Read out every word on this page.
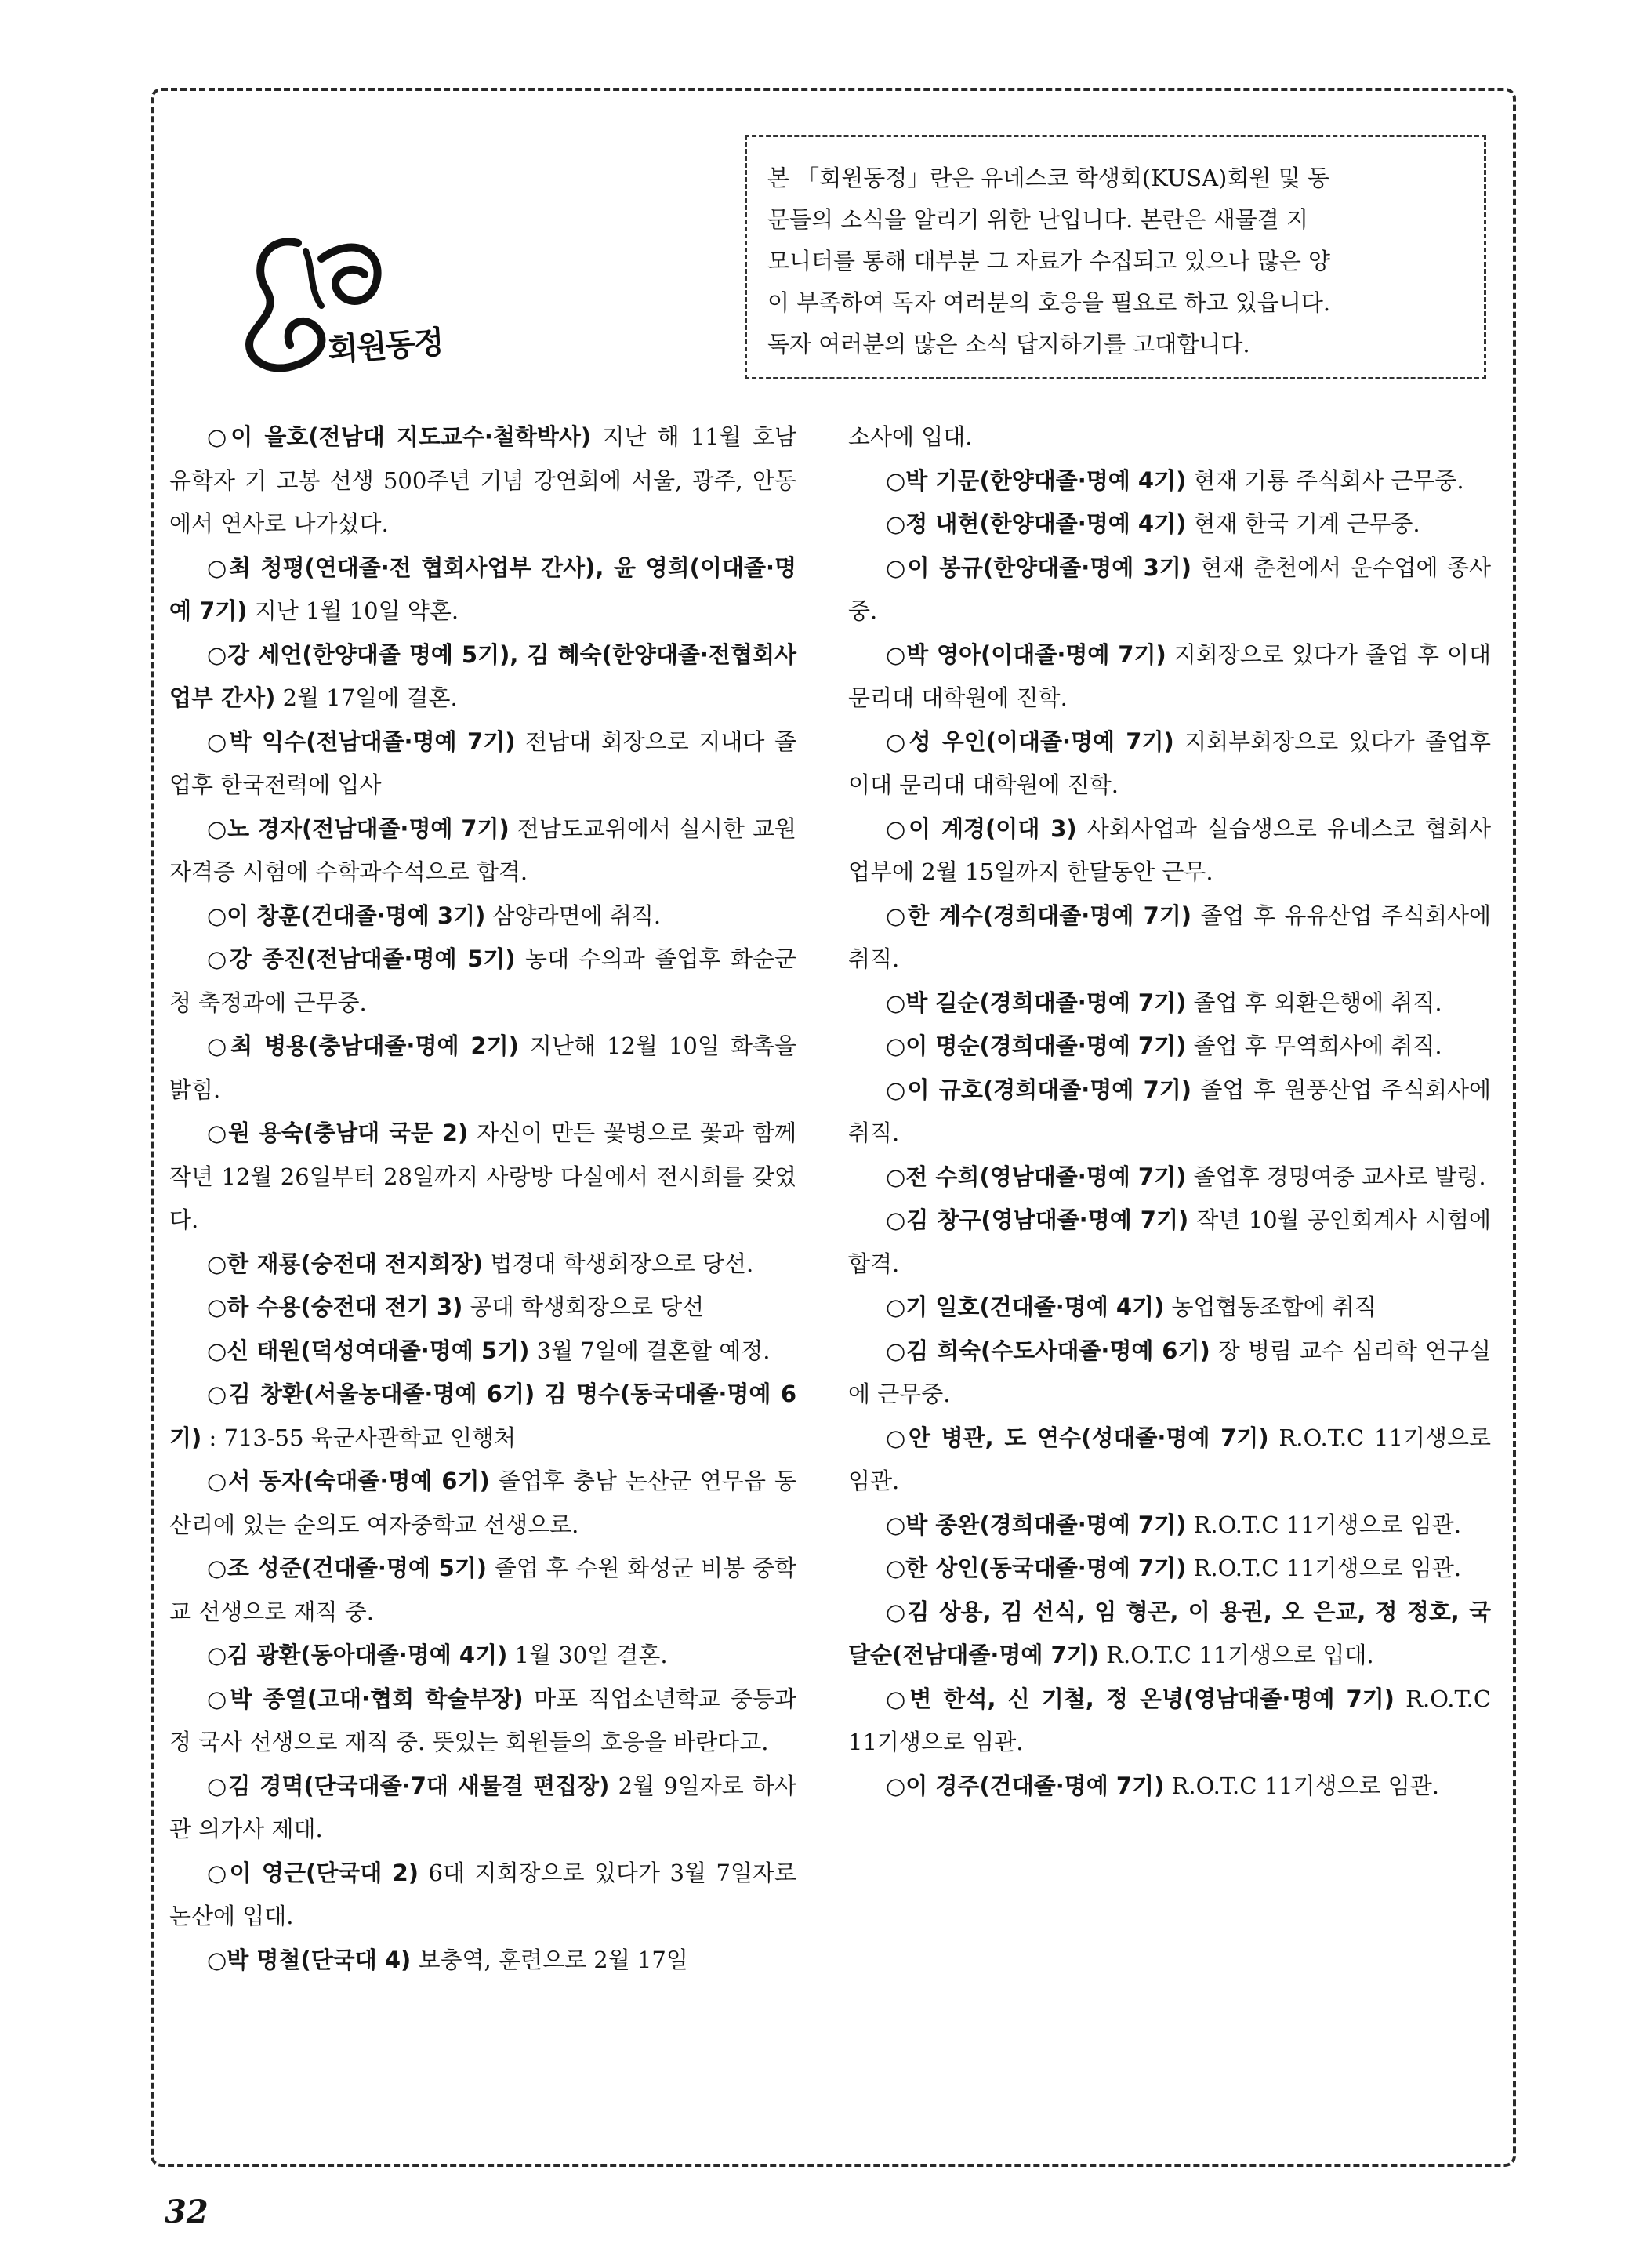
회원동정
본 「회원동정」란은 유네스코 학생회(KUSA)회원 및 동
문들의 소식을 알리기 위한 난입니다. 본란은 새물결 지
모니터를 통해 대부분 그 자료가 수집되고 있으나 많은 양
이 부족하여 독자 여러분의 호응을 필요로 하고 있읍니다.
독자 여러분의 많은 소식 답지하기를 고대합니다.

○이 을호(전남대 지도교수·철학박사) 지난 해 11월 호남 유학자 기 고봉 선생 500주년 기념 강연회에 서울, 광주, 안동에서 연사로 나가셨다.

○최 청평(연대졸·전 협회사업부 간사), 윤 영희(이대졸·명예 7기) 지난 1월 10일 약혼.

○강 세언(한양대졸 명예 5기), 김 혜숙(한양대졸·전협회사업부 간사) 2월 17일에 결혼.

○박 익수(전남대졸·명예 7기) 전남대 회장으로 지내다 졸업후 한국전력에 입사

○노 경자(전남대졸·명예 7기) 전남도교위에서 실시한 교원 자격증 시험에 수학과수석으로 합격.

○이 창훈(건대졸·명예 3기) 삼양라면에 취직.

○강 종진(전남대졸·명예 5기) 농대 수의과 졸업후 화순군청 축정과에 근무중.

○최 병용(충남대졸·명예 2기) 지난해 12월 10일 화촉을 밝힘.

○원 용숙(충남대 국문 2) 자신이 만든 꽃병으로 꽃과 함께 작년 12월 26일부터 28일까지 사랑방 다실에서 전시회를 갖었다.

○한 재룡(숭전대 전지회장) 법경대 학생회장으로 당선.

○하 수용(숭전대 전기 3) 공대 학생회장으로 당선

○신 태원(덕성여대졸·명예 5기) 3월 7일에 결혼할 예정.

○김 창환(서울농대졸·명예 6기) 김 명수(동국대졸·명예 6기) : 713-55 육군사관학교 인행처

○서 동자(숙대졸·명예 6기) 졸업후 충남 논산군 연무읍 동산리에 있는 순의도 여자중학교 선생으로.

○조 성준(건대졸·명예 5기) 졸업 후 수원 화성군 비봉 중학교 선생으로 재직 중.

○김 광환(동아대졸·명예 4기) 1월 30일 결혼.

○박 종열(고대·협회 학술부장) 마포 직업소년학교 중등과정 국사 선생으로 재직 중. 뜻있는 회원들의 호응을 바란다고.

○김 경멱(단국대졸·7대 새물결 편집장) 2월 9일자로 하사관 의가사 제대.

○이 영근(단국대 2) 6대 지회장으로 있다가 3월 7일자로 논산에 입대.

○박 명철(단국대 4) 보충역, 훈련으로 2월 17일

소사에 입대.

○박 기문(한양대졸·명예 4기) 현재 기룡 주식회사 근무중.

○정 내현(한양대졸·명예 4기) 현재 한국 기계 근무중.

○이 봉규(한양대졸·명예 3기) 현재 춘천에서 운수업에 종사중.

○박 영아(이대졸·명예 7기) 지회장으로 있다가 졸업 후 이대 문리대 대학원에 진학.

○성 우인(이대졸·명예 7기) 지회부회장으로 있다가 졸업후 이대 문리대 대학원에 진학.

○이 계경(이대 3) 사회사업과 실습생으로 유네스코 협회사업부에 2월 15일까지 한달동안 근무.

○한 계수(경희대졸·명예 7기) 졸업 후 유유산업 주식회사에 취직.

○박 길순(경희대졸·명예 7기) 졸업 후 외환은행에 취직.

○이 명순(경희대졸·명예 7기) 졸업 후 무역회사에 취직.

○이 규호(경희대졸·명예 7기) 졸업 후 원풍산업 주식회사에 취직.

○전 수희(영남대졸·명예 7기) 졸업후 경명여중 교사로 발령.

○김 창구(영남대졸·명예 7기) 작년 10월 공인회계사 시험에 합격.

○기 일호(건대졸·명예 4기) 농업협동조합에 취직

○김 희숙(수도사대졸·명예 6기) 장 병림 교수 심리학 연구실에 근무중.

○안 병관, 도 연수(성대졸·명예 7기) R.O.T.C 11기생으로 임관.

○박 종완(경희대졸·명예 7기) R.O.T.C 11기생으로 임관.

○한 상인(동국대졸·명예 7기) R.O.T.C 11기생으로 임관.

○김 상용, 김 선식, 임 형곤, 이 용권, 오 은교, 정 정호, 국 달순(전남대졸·명예 7기) R.O.T.C 11기생으로 입대.

○변 한석, 신 기철, 정 온녕(영남대졸·명예 7기) R.O.T.C 11기생으로 임관.

○이 경주(건대졸·명예 7기) R.O.T.C 11기생으로 임관.

32
